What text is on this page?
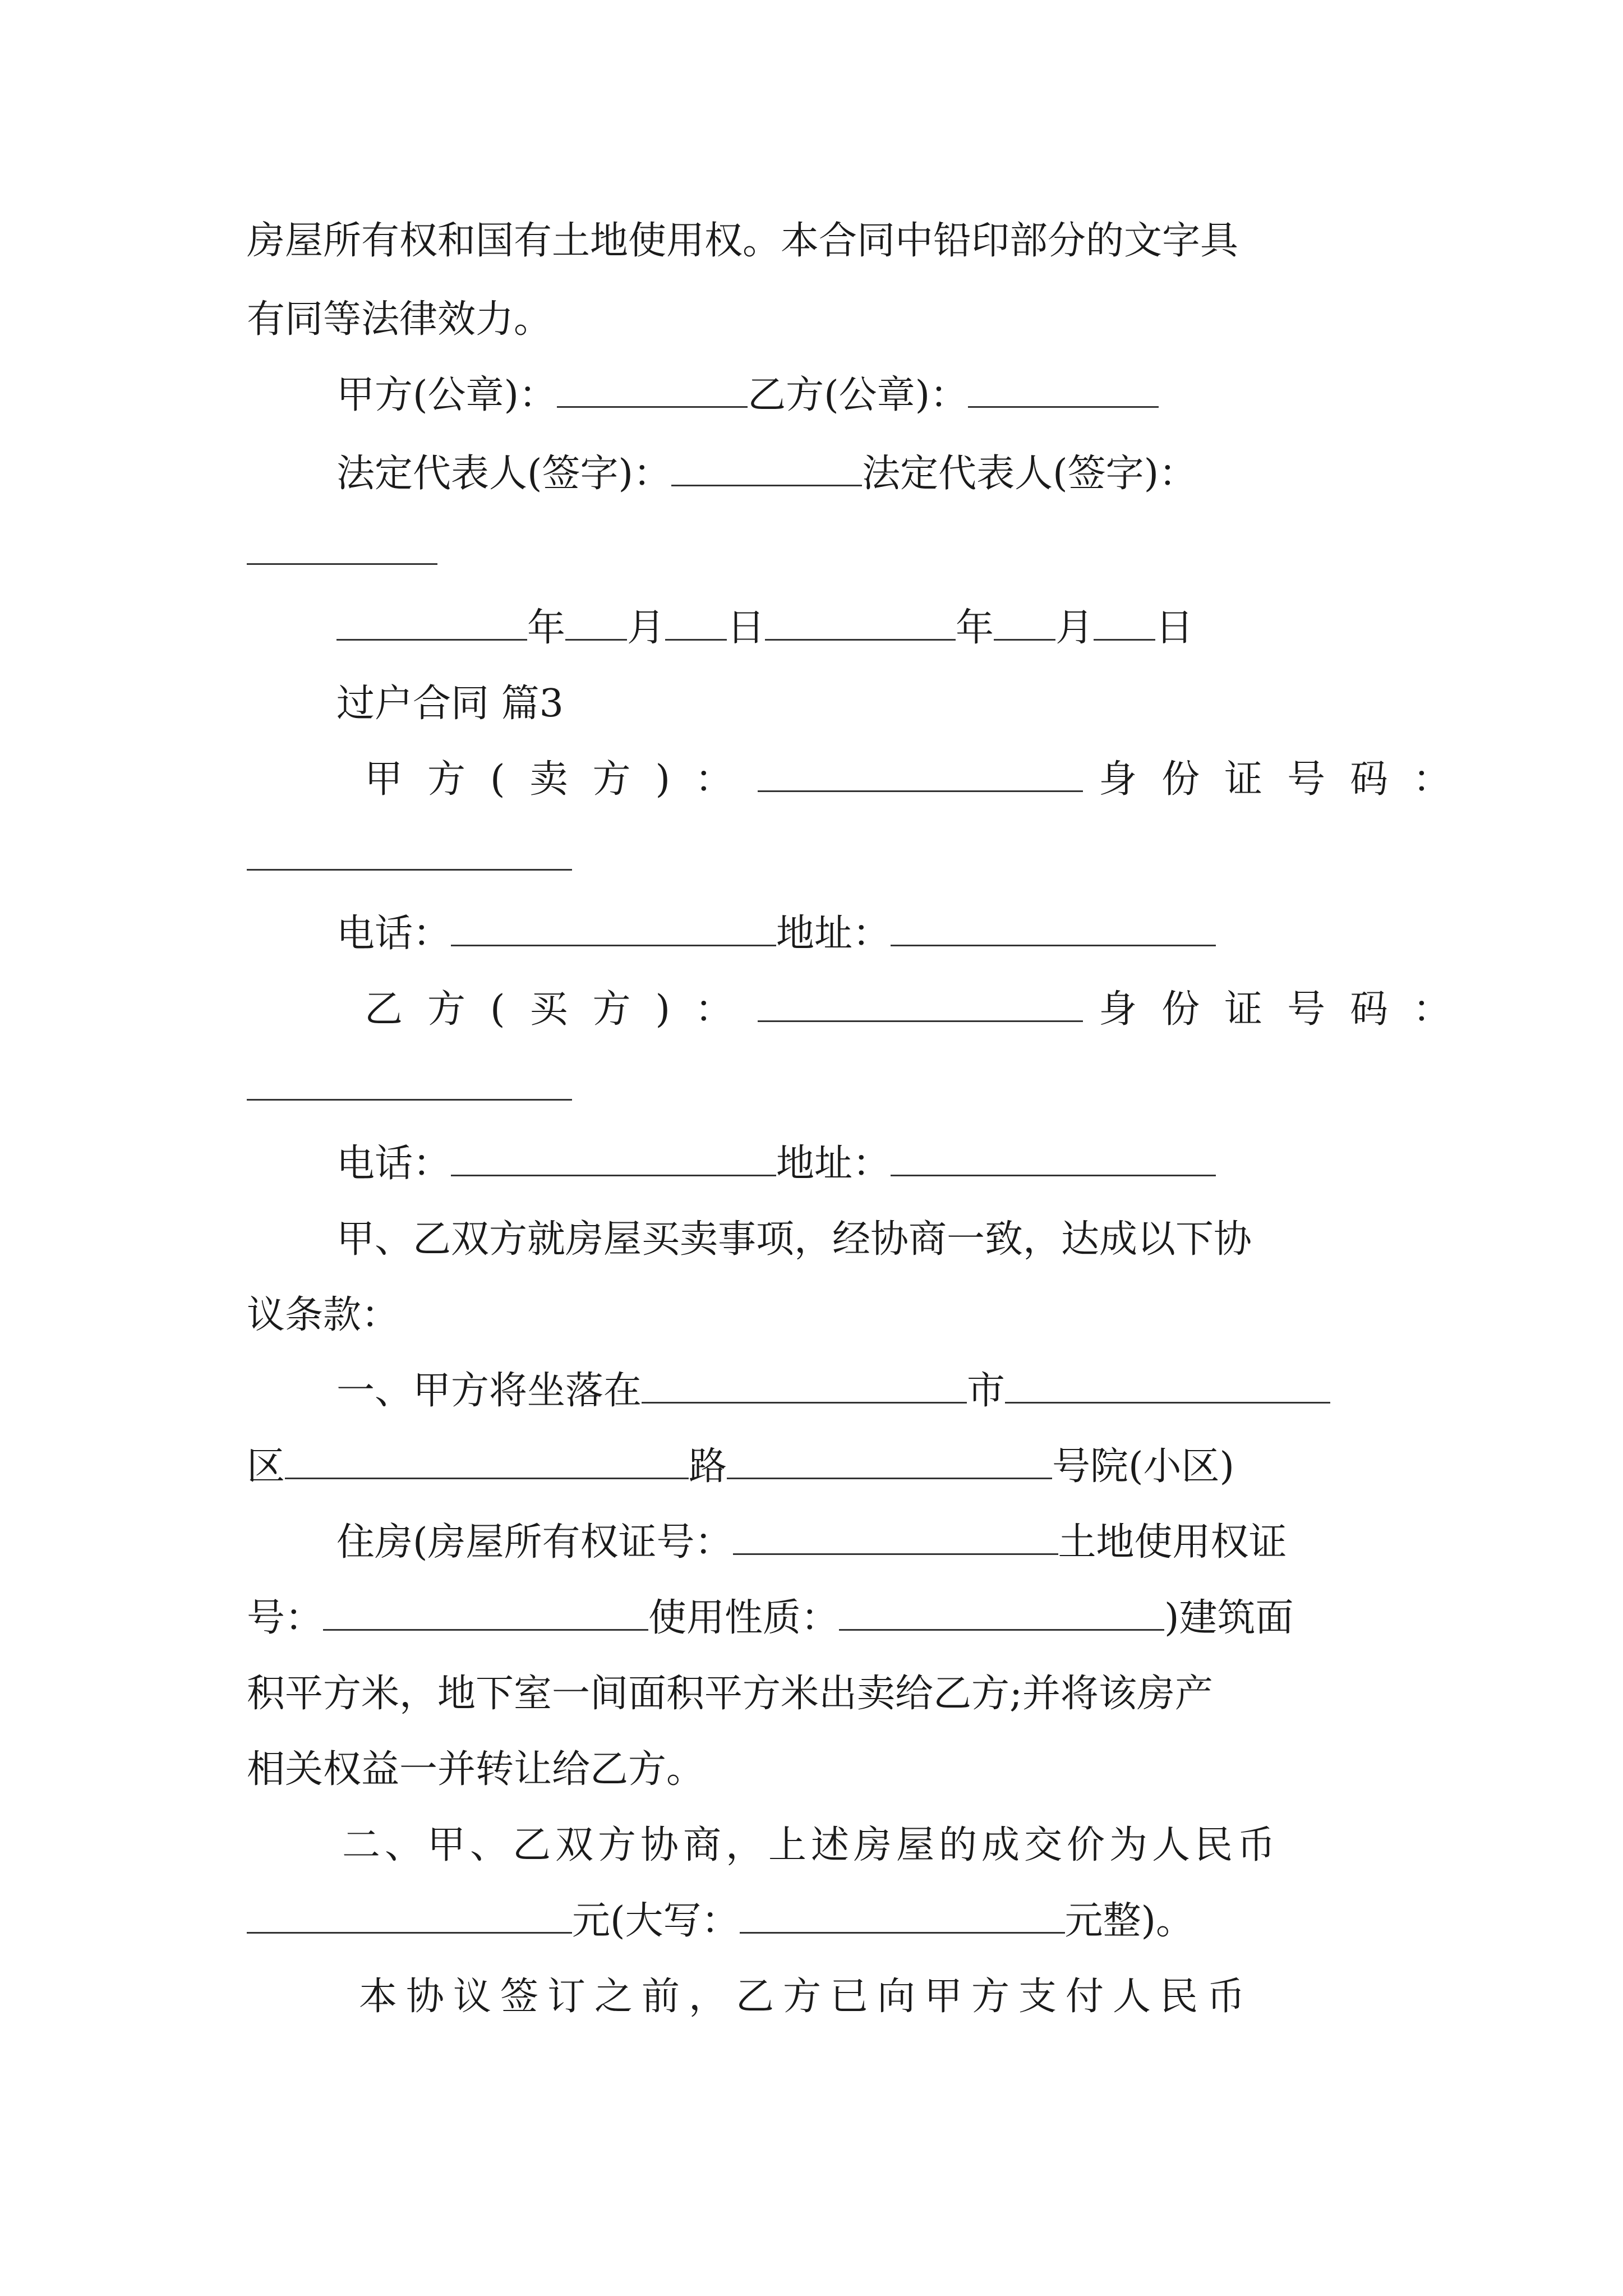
房屋所有权和国有土地使用权。本合同中铅印部分的文字具
有同等法律效力。
甲方(公章)：	乙方(公章)：
法定代表人(签字)：	法定代表人(签字)：
年 月 日	年 月 日
过户合同 篇3
甲方(卖方)：	身份证号码：
电话：	地址：
乙方(买方)：	身份证号码：
电话：	地址：
甲、乙双方就房屋买卖事项，经协商一致，达成以下协
议条款：
一、甲方将坐落在	市
区	路	号院(小区)
住房(房屋所有权证号：	土地使用权证
号：	使用性质：	)建筑面
积平方米，地下室一间面积平方米出卖给乙方;并将该房产
相关权益一并转让给乙方。
二、甲、乙双方协商，上述房屋的成交价为人民币
元(大写：	元整)。
本协议签订之前，乙方已向甲方支付人民币
